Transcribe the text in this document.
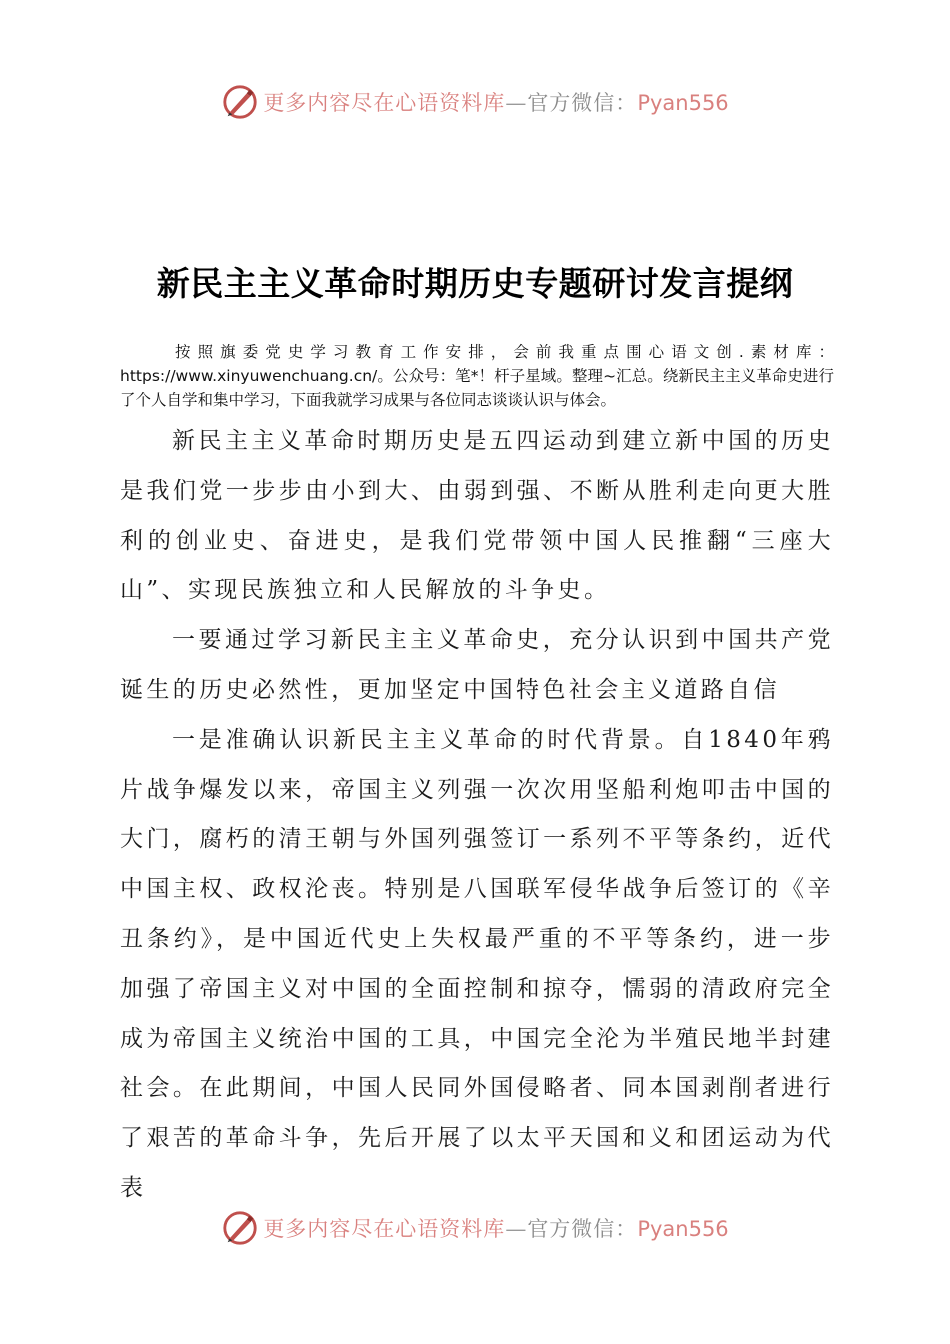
更多内容尽在心语资料库—官方微信：Pyan556
新民主主义革命时期历史专题研讨发言提纲
按照旗委党史学习教育工作安排，会前我重点围心语文创.素材库：https://www.xinyuwenchuang.cn/。公众号：笔*！杆子星域。整理~汇总。绕新民主主义革命史进行了个人自学和集中学习，下面我就学习成果与各位同志谈谈认识与体会。

新民主主义革命时期历史是五四运动到建立新中国的历史是我们党一步步由小到大、由弱到强、不断从胜利走向更大胜利的创业史、奋进史，是我们党带领中国人民推翻“三座大山”、实现民族独立和人民解放的斗争史。

一要通过学习新民主主义革命史，充分认识到中国共产党诞生的历史必然性，更加坚定中国特色社会主义道路自信

一是准确认识新民主主义革命的时代背景。自1840年鸦片战争爆发以来，帝国主义列强一次次用坚船利炮叩击中国的大门，腐朽的清王朝与外国列强签订一系列不平等条约，近代中国主权、政权沦丧。特别是八国联军侵华战争后签订的《辛丑条约》，是中国近代史上失权最严重的不平等条约，进一步加强了帝国主义对中国的全面控制和掠夺，懦弱的清政府完全成为帝国主义统治中国的工具，中国完全沦为半殖民地半封建社会。在此期间，中国人民同外国侵略者、同本国剥削者进行了艰苦的革命斗争，先后开展了以太平天国和义和团运动为代表

更多内容尽在心语资料库—官方微信：Pyan556
